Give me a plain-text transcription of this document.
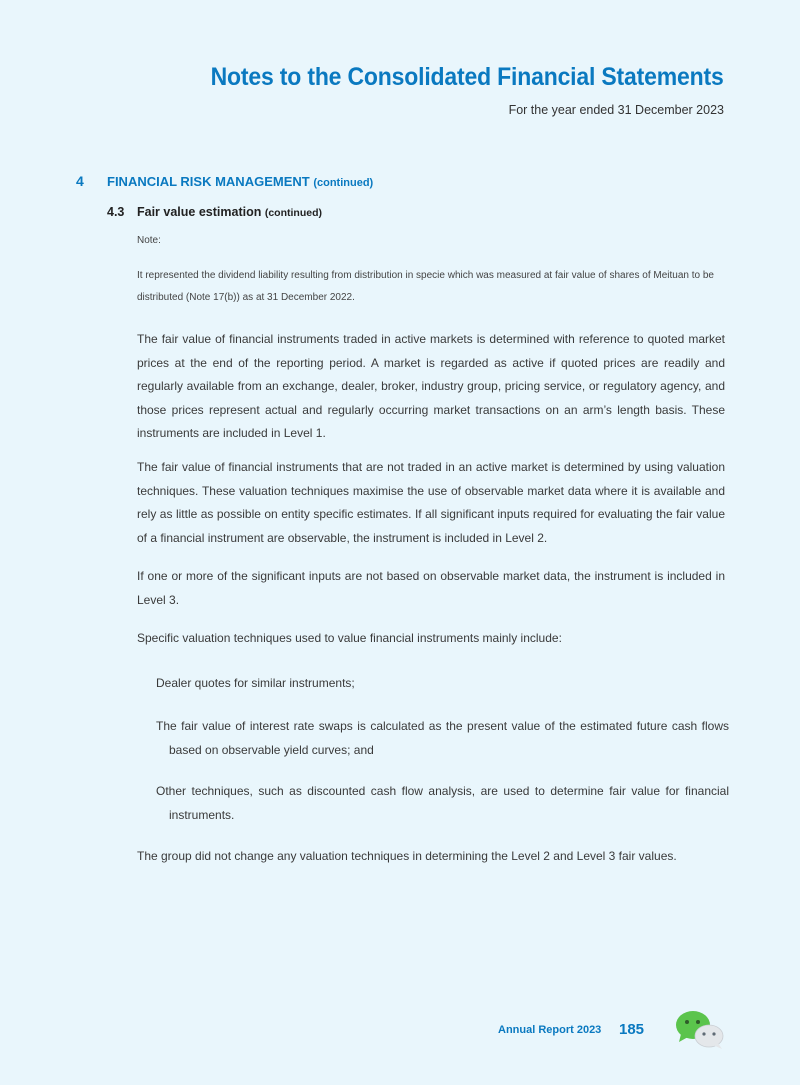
Notes to the Consolidated Financial Statements
For the year ended 31 December 2023
4 FINANCIAL RISK MANAGEMENT (continued)
4.3 Fair value estimation (continued)
Note:
It represented the dividend liability resulting from distribution in specie which was measured at fair value of shares of Meituan to be distributed (Note 17(b)) as at 31 December 2022.
The fair value of financial instruments traded in active markets is determined with reference to quoted market prices at the end of the reporting period. A market is regarded as active if quoted prices are readily and regularly available from an exchange, dealer, broker, industry group, pricing service, or regulatory agency, and those prices represent actual and regularly occurring market transactions on an arm’s length basis. These instruments are included in Level 1.
The fair value of financial instruments that are not traded in an active market is determined by using valuation techniques. These valuation techniques maximise the use of observable market data where it is available and rely as little as possible on entity specific estimates. If all significant inputs required for evaluating the fair value of a financial instrument are observable, the instrument is included in Level 2.
If one or more of the significant inputs are not based on observable market data, the instrument is included in Level 3.
Specific valuation techniques used to value financial instruments mainly include:
Dealer quotes for similar instruments;
The fair value of interest rate swaps is calculated as the present value of the estimated future cash flows based on observable yield curves; and
Other techniques, such as discounted cash flow analysis, are used to determine fair value for financial instruments.
The group did not change any valuation techniques in determining the Level 2 and Level 3 fair values.
Annual Report 2023 185
